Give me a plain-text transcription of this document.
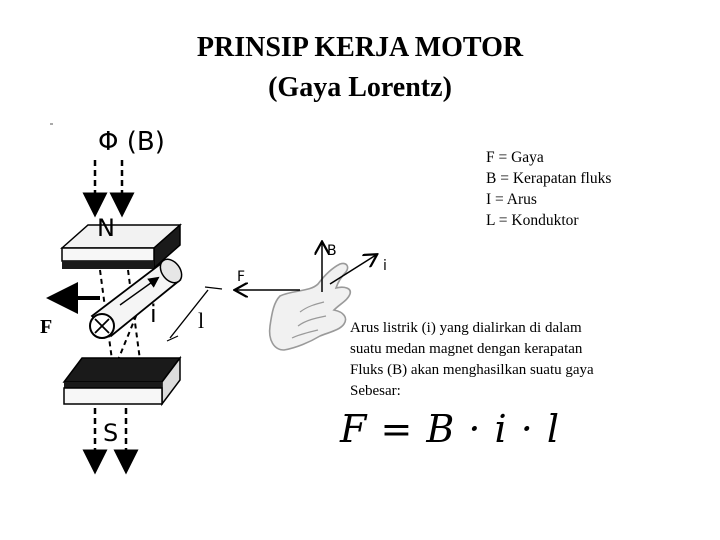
PRINSIP KERJA MOTOR
(Gaya Lorentz)
Φ (B)
N
F	i l
S
B
F
i
F = Gaya
B = Kerapatan fluks
I = Arus
L = Konduktor
Arus listrik (i) yang dialirkan di dalam
suatu medan magnet dengan kerapatan
Fluks (B) akan menghasilkan suatu gaya
Sebesar:
F = B · i · l
